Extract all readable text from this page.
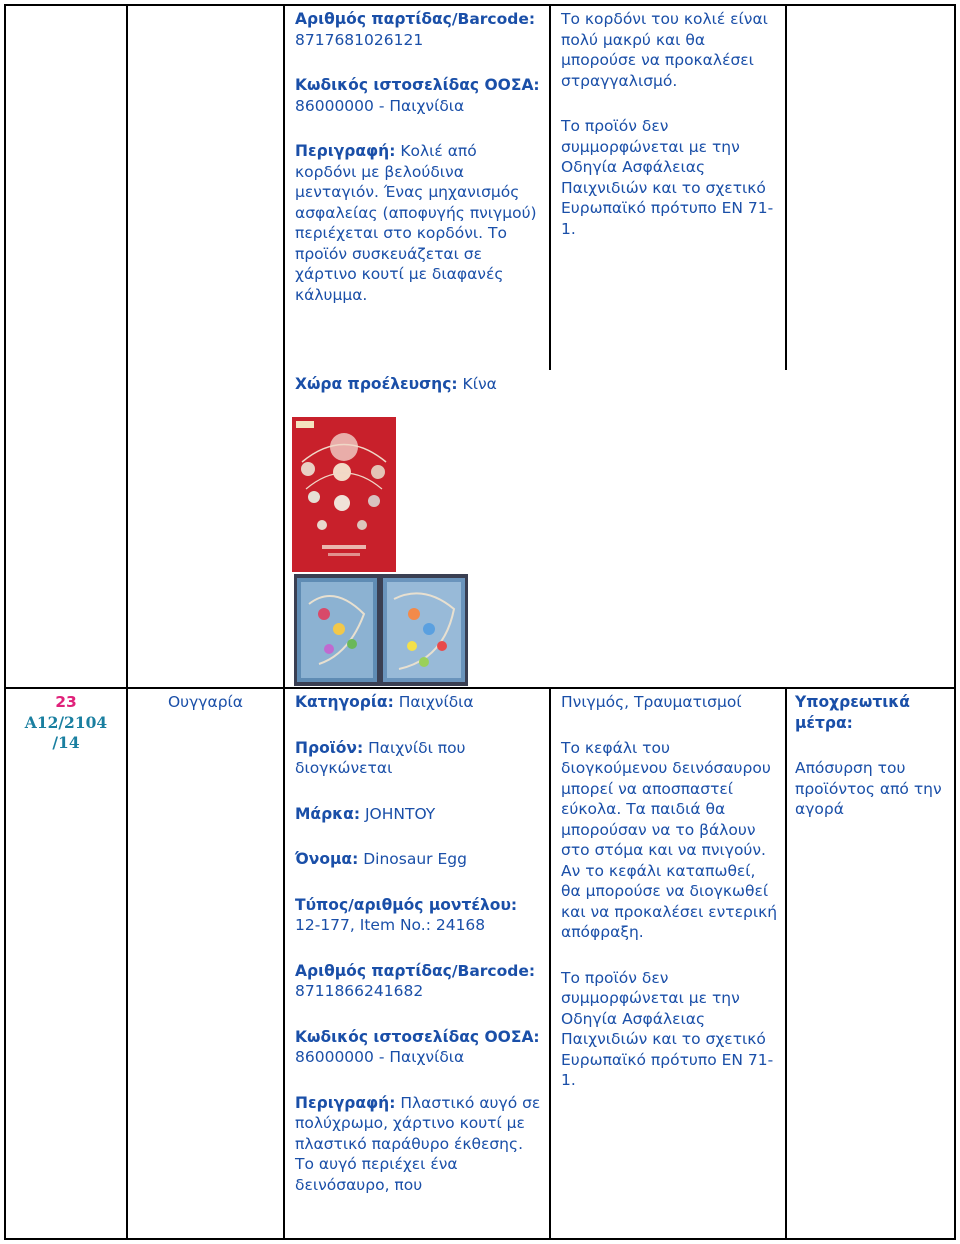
Αριθμός παρτίδας/Barcode:
8717681026121

Κωδικός ιστοσελίδας ΟΟΣΑ: 86000000 - Παιχνίδια

Περιγραφή: Κολιέ από κορδόνι με βελούδινα μενταγιόν. Ένας μηχανισμός ασφαλείας (αποφυγής πνιγμού) περιέχεται στο κορδόνι. Το προϊόν συσκευάζεται σε χάρτινο κουτί με διαφανές κάλυμμα.

Χώρα προέλευσης: Κίνα

Το κορδόνι του κολιέ είναι πολύ μακρύ και θα μπορούσε να προκαλέσει στραγγαλισμό.

Το προϊόν δεν συμμορφώνεται με την Οδηγία Ασφάλειας Παιχνιδιών και το σχετικό Ευρωπαϊκό πρότυπο EN 71-1.

23
A12/2104
/14
Ουγγαρία	Κατηγορία: Παιχνίδια

Προϊόν: Παιχνίδι που διογκώνεται

Μάρκα: JOHNTOY

Όνομα: Dinosaur Egg

Τύπος/αριθμός μοντέλου:
12-177, Item No.: 24168

Αριθμός παρτίδας/Barcode:
8711866241682

Κωδικός ιστοσελίδας ΟΟΣΑ: 86000000 - Παιχνίδια

Περιγραφή: Πλαστικό αυγό σε πολύχρωμο, χάρτινο κουτί με πλαστικό παράθυρο έκθεσης. Το αυγό περιέχει ένα δεινόσαυρο, που

Πνιγμός, Τραυματισμοί

Το κεφάλι του διογκούμενου δεινόσαυρου μπορεί να αποσπαστεί εύκολα. Τα παιδιά θα μπορούσαν να το βάλουν στο στόμα και να πνιγούν. Αν το κεφάλι καταπωθεί, θα μπορούσε να διογκωθεί και να προκαλέσει εντερική απόφραξη.

Το προϊόν δεν συμμορφώνεται με την Οδηγία Ασφάλειας Παιχνιδιών και το σχετικό Ευρωπαϊκό πρότυπο EN 71-1.

Υποχρεωτικά μέτρα:

Απόσυρση του προϊόντος από την αγορά
